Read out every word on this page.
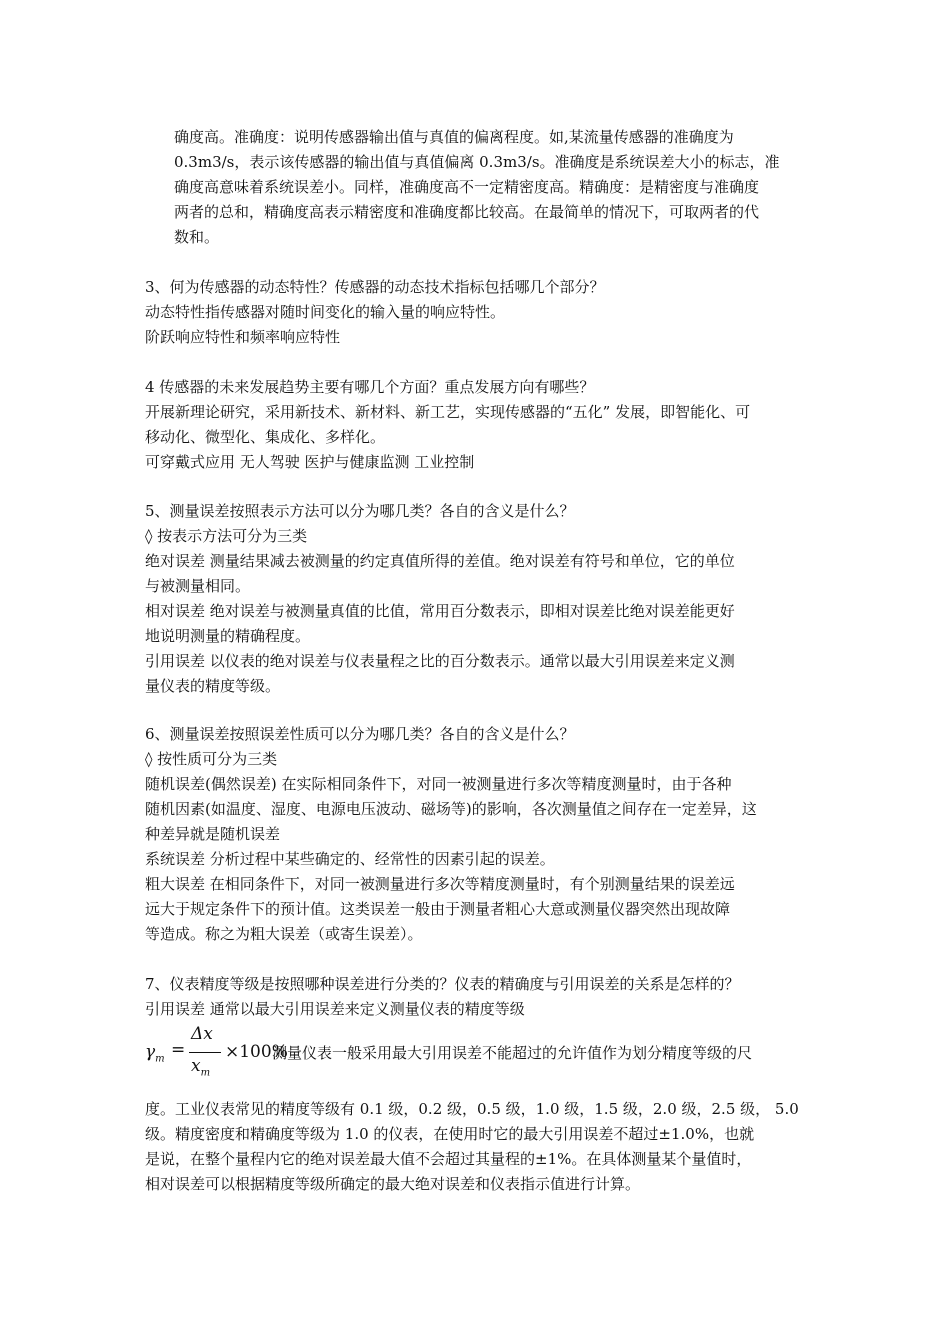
确度高。准确度：说明传感器输出值与真值的偏离程度。如,某流量传感器的准确度为
0.3m3/s，表示该传感器的输出值与真值偏离 0.3m3/s。准确度是系统误差大小的标志，准
确度高意味着系统误差小。同样，准确度高不一定精密度高。精确度：是精密度与准确度
两者的总和，精确度高表示精密度和准确度都比较高。在最简单的情况下，可取两者的代
数和。
3、何为传感器的动态特性？传感器的动态技术指标包括哪几个部分？
动态特性指传感器对随时间变化的输入量的响应特性。
阶跃响应特性和频率响应特性
4 传感器的未来发展趋势主要有哪几个方面？重点发展方向有哪些？
开展新理论研究，采用新技术、新材料、新工艺，实现传感器的“五化” 发展，即智能化、可
移动化、微型化、集成化、多样化。
可穿戴式应用 无人驾驶 医护与健康监测 工业控制
5、测量误差按照表示方法可以分为哪几类？各自的含义是什么？
◊ 按表示方法可分为三类
绝对误差 测量结果减去被测量的约定真值所得的差值。绝对误差有符号和单位，它的单位
与被测量相同。
相对误差 绝对误差与被测量真值的比值，常用百分数表示，即相对误差比绝对误差能更好
地说明测量的精确程度。
引用误差 以仪表的绝对误差与仪表量程之比的百分数表示。通常以最大引用误差来定义测
量仪表的精度等级。
6、测量误差按照误差性质可以分为哪几类？各自的含义是什么？
◊ 按性质可分为三类
随机误差(偶然误差) 在实际相同条件下，对同一被测量进行多次等精度测量时，由于各种
随机因素(如温度、湿度、电源电压波动、磁场等)的影响，各次测量值之间存在一定差异，这
种差异就是随机误差
系统误差 分析过程中某些确定的、经常性的因素引起的误差。
粗大误差 在相同条件下，对同一被测量进行多次等精度测量时，有个别测量结果的误差远
远大于规定条件下的预计值。这类误差一般由于测量者粗心大意或测量仪器突然出现故障
等造成。称之为粗大误差（或寄生误差）。
7、仪表精度等级是按照哪种误差进行分类的？仪表的精确度与引用误差的关系是怎样的？
引用误差 通常以最大引用误差来定义测量仪表的精度等级
$\gamma_m$ =
Δx
$x_m$
×100%
测量仪表一般采用最大引用误差不能超过的允许值作为划分精度等级的尺
度。工业仪表常见的精度等级有 0.1 级，0.2 级，0.5 级，1.0 级，1.5 级，2.0 级，2.5 级， 5.0
级。精度密度和精确度等级为 1.0 的仪表，在使用时它的最大引用误差不超过±1.0%，也就
是说，在整个量程内它的绝对误差最大值不会超过其量程的±1%。在具体测量某个量值时，
相对误差可以根据精度等级所确定的最大绝对误差和仪表指示值进行计算。
